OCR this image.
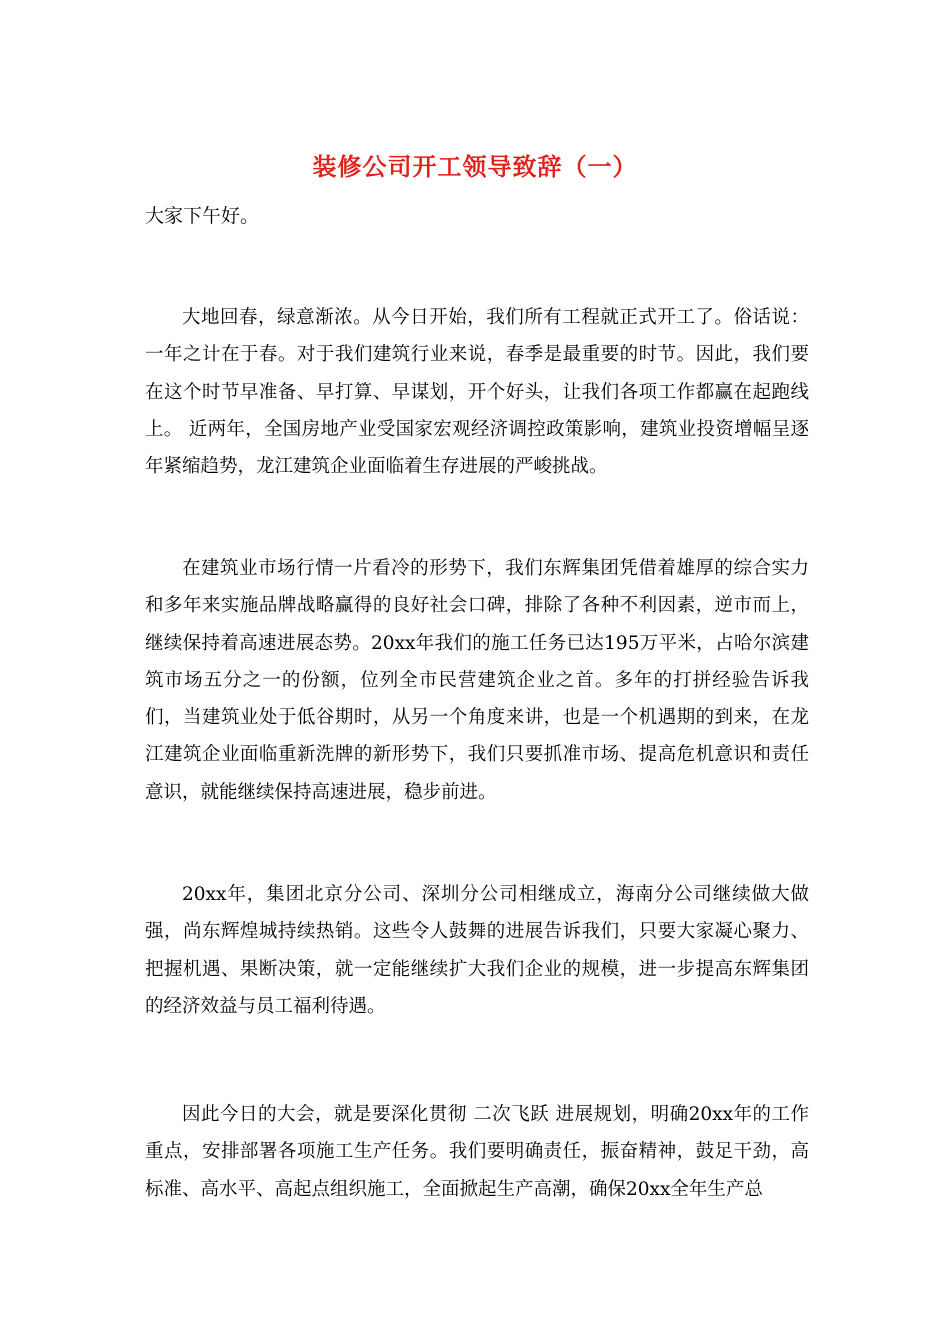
装修公司开工领导致辞（一）

大家下午好。

大地回春，绿意渐浓。从今日开始，我们所有工程就正式开工了。俗话说：一年之计在于春。对于我们建筑行业来说，春季是最重要的时节。因此，我们要在这个时节早准备、早打算、早谋划，开个好头，让我们各项工作都赢在起跑线上。 近两年，全国房地产业受国家宏观经济调控政策影响，建筑业投资增幅呈逐年紧缩趋势，龙江建筑企业面临着生存进展的严峻挑战。

在建筑业市场行情一片看冷的形势下，我们东辉集团凭借着雄厚的综合实力和多年来实施品牌战略赢得的良好社会口碑，排除了各种不利因素，逆市而上，继续保持着高速进展态势。20xx年我们的施工任务已达195万平米，占哈尔滨建筑市场五分之一的份额，位列全市民营建筑企业之首。多年的打拼经验告诉我们，当建筑业处于低谷期时，从另一个角度来讲，也是一个机遇期的到来，在龙江建筑企业面临重新洗牌的新形势下，我们只要抓准市场、提高危机意识和责任意识，就能继续保持高速进展，稳步前进。

20xx年，集团北京分公司、深圳分公司相继成立，海南分公司继续做大做强，尚东辉煌城持续热销。这些令人鼓舞的进展告诉我们，只要大家凝心聚力、把握机遇、果断决策，就一定能继续扩大我们企业的规模，进一步提高东辉集团的经济效益与员工福利待遇。

因此今日的大会，就是要深化贯彻 二次飞跃 进展规划，明确20xx年的工作重点，安排部署各项施工生产任务。我们要明确责任，振奋精神，鼓足干劲，高标准、高水平、高起点组织施工，全面掀起生产高潮，确保20xx全年生产总
